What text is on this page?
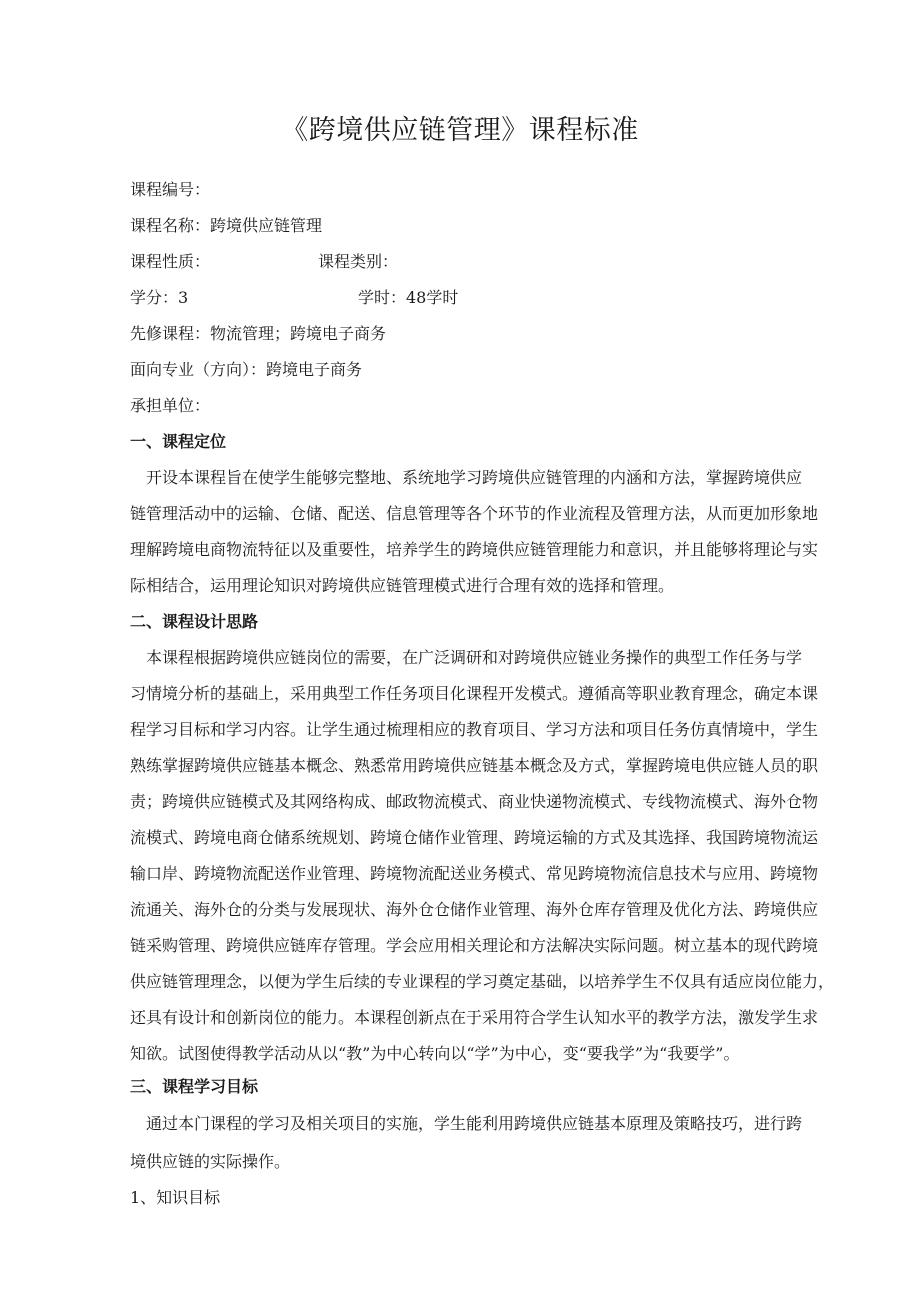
《跨境供应链管理》课程标准
课程编号：
课程名称：跨境供应链管理
课程性质：	课程类别：
学分：3	学时：48学时
先修课程：物流管理；跨境电子商务
面向专业（方向）：跨境电子商务
承担单位：
一、课程定位
开设本课程旨在使学生能够完整地、系统地学习跨境供应链管理的内涵和方法，掌握跨境供应
链管理活动中的运输、仓储、配送、信息管理等各个环节的作业流程及管理方法，从而更加形象地
理解跨境电商物流特征以及重要性，培养学生的跨境供应链管理能力和意识，并且能够将理论与实
际相结合，运用理论知识对跨境供应链管理模式进行合理有效的选择和管理。
二、课程设计思路
本课程根据跨境供应链岗位的需要，在广泛调研和对跨境供应链业务操作的典型工作任务与学
习情境分析的基础上，采用典型工作任务项目化课程开发模式。遵循高等职业教育理念，确定本课
程学习目标和学习内容。让学生通过梳理相应的教育项目、学习方法和项目任务仿真情境中，学生
熟练掌握跨境供应链基本概念、熟悉常用跨境供应链基本概念及方式，掌握跨境电供应链人员的职
责；跨境供应链模式及其网络构成、邮政物流模式、商业快递物流模式、专线物流模式、海外仓物
流模式、跨境电商仓储系统规划、跨境仓储作业管理、跨境运输的方式及其选择、我国跨境物流运
输口岸、跨境物流配送作业管理、跨境物流配送业务模式、常见跨境物流信息技术与应用、跨境物
流通关、海外仓的分类与发展现状、海外仓仓储作业管理、海外仓库存管理及优化方法、跨境供应
链采购管理、跨境供应链库存管理。学会应用相关理论和方法解决实际问题。树立基本的现代跨境
供应链管理理念，以便为学生后续的专业课程的学习奠定基础，以培养学生不仅具有适应岗位能力，
还具有设计和创新岗位的能力。本课程创新点在于采用符合学生认知水平的教学方法，激发学生求
知欲。试图使得教学活动从以“教”为中心转向以“学”为中心，变“要我学”为“我要学”。
三、课程学习目标
通过本门课程的学习及相关项目的实施，学生能利用跨境供应链基本原理及策略技巧，进行跨
境供应链的实际操作。
1、知识目标
